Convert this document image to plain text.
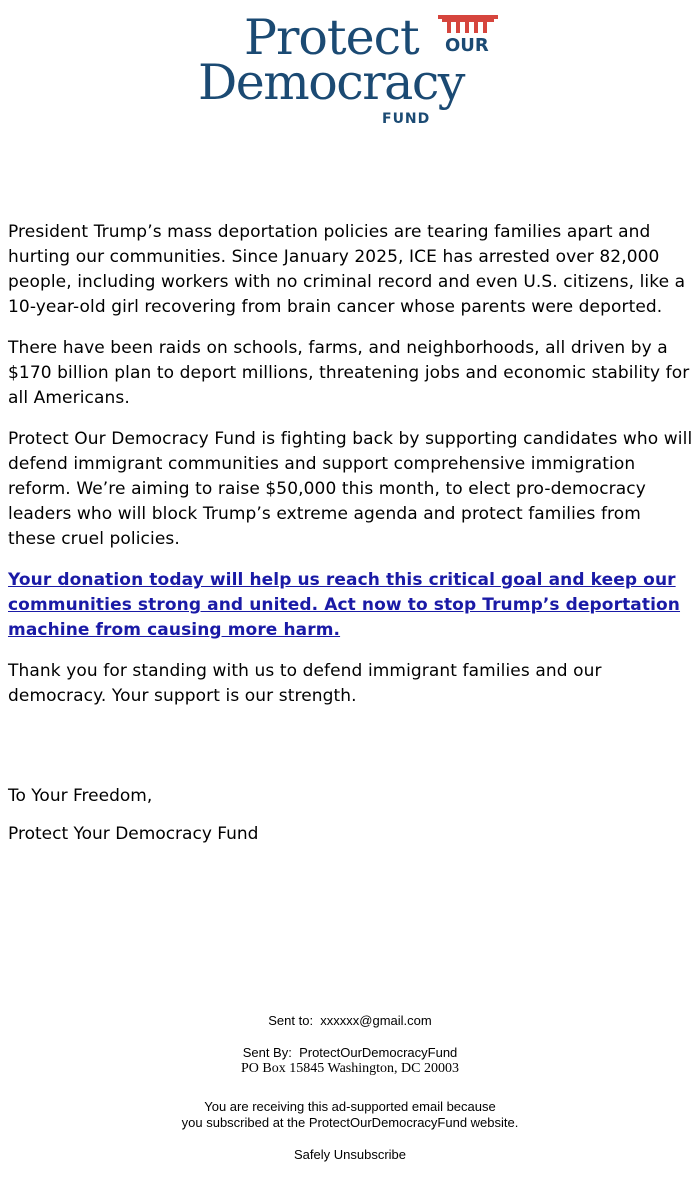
Protect OUR
Democracy
FUND

President Trump’s mass deportation policies are tearing families apart and hurting our communities. Since January 2025, ICE has arrested over 82,000 people, including workers with no criminal record and even U.S. citizens, like a 10-year-old girl recovering from brain cancer whose parents were deported.

There have been raids on schools, farms, and neighborhoods, all driven by a $170 billion plan to deport millions, threatening jobs and economic stability for all Americans.

Protect Our Democracy Fund is fighting back by supporting candidates who will defend immigrant communities and support comprehensive immigration reform. We’re aiming to raise $50,000 this month, to elect pro-democracy leaders who will block Trump’s extreme agenda and protect families from these cruel policies.

Your donation today will help us reach this critical goal and keep our communities strong and united. Act now to stop Trump’s deportation machine from causing more harm.

Thank you for standing with us to defend immigrant families and our democracy. Your support is our strength.

To Your Freedom,

Protect Your Democracy Fund

Sent to: xxxxxx@gmail.com
Sent By: ProtectOurDemocracyFund
PO Box 15845 Washington, DC 20003
You are receiving this ad-supported email because
you subscribed at the ProtectOurDemocracyFund website.
Safely Unsubscribe
